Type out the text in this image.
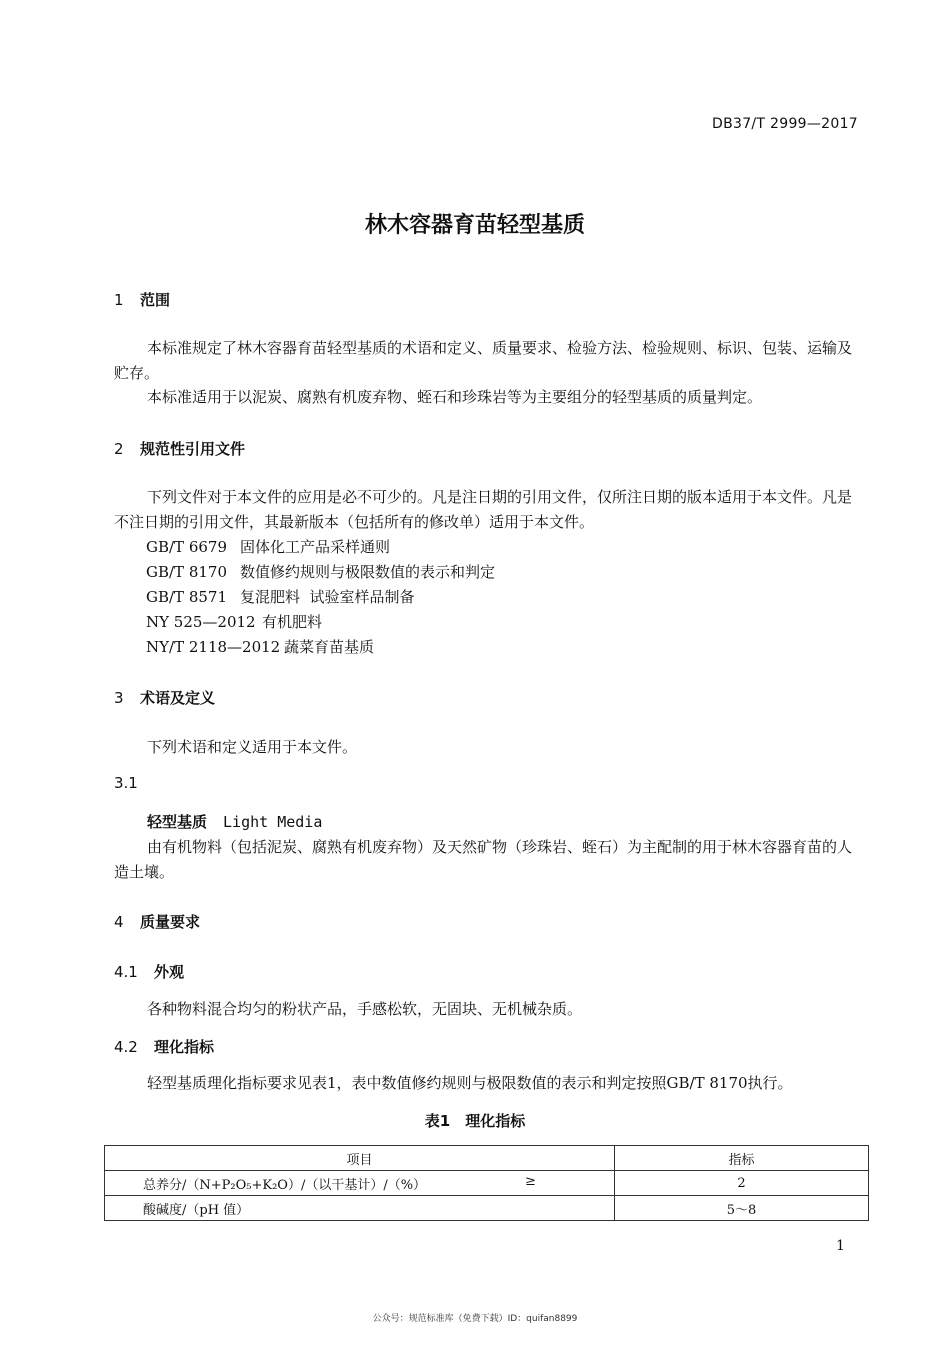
DB37/T 2999—2017
林木容器育苗轻型基质
1 范围
本标准规定了林木容器育苗轻型基质的术语和定义、质量要求、检验方法、检验规则、标识、包装、运输及贮存。
本标准适用于以泥炭、腐熟有机废弃物、蛭石和珍珠岩等为主要组分的轻型基质的质量判定。
2 规范性引用文件
下列文件对于本文件的应用是必不可少的。凡是注日期的引用文件，仅所注日期的版本适用于本文件。凡是不注日期的引用文件，其最新版本（包括所有的修改单）适用于本文件。
GB/T 6679 固体化工产品采样通则
GB/T 8170 数值修约规则与极限数值的表示和判定
GB/T 8571 复混肥料  试验室样品制备
NY 525—2012 有机肥料
NY/T 2118—2012 蔬菜育苗基质
3 术语及定义
下列术语和定义适用于本文件。
3.1
轻型基质 Light Media
由有机物料（包括泥炭、腐熟有机废弃物）及天然矿物（珍珠岩、蛭石）为主配制的用于林木容器育苗的人造土壤。
4 质量要求
4.1 外观
各种物料混合均匀的粉状产品，手感松软，无固块、无机械杂质。
4.2 理化指标
轻型基质理化指标要求见表1，表中数值修约规则与极限数值的表示和判定按照GB/T 8170执行。
表1　理化指标
项目	指标
总养分/（N+P₂O₅+K₂O）/（以干基计）/（%） ≥	2
酸碱度/（pH 值）	5～8
1
公众号：规范标准库（免费下载）ID：quifan8899
